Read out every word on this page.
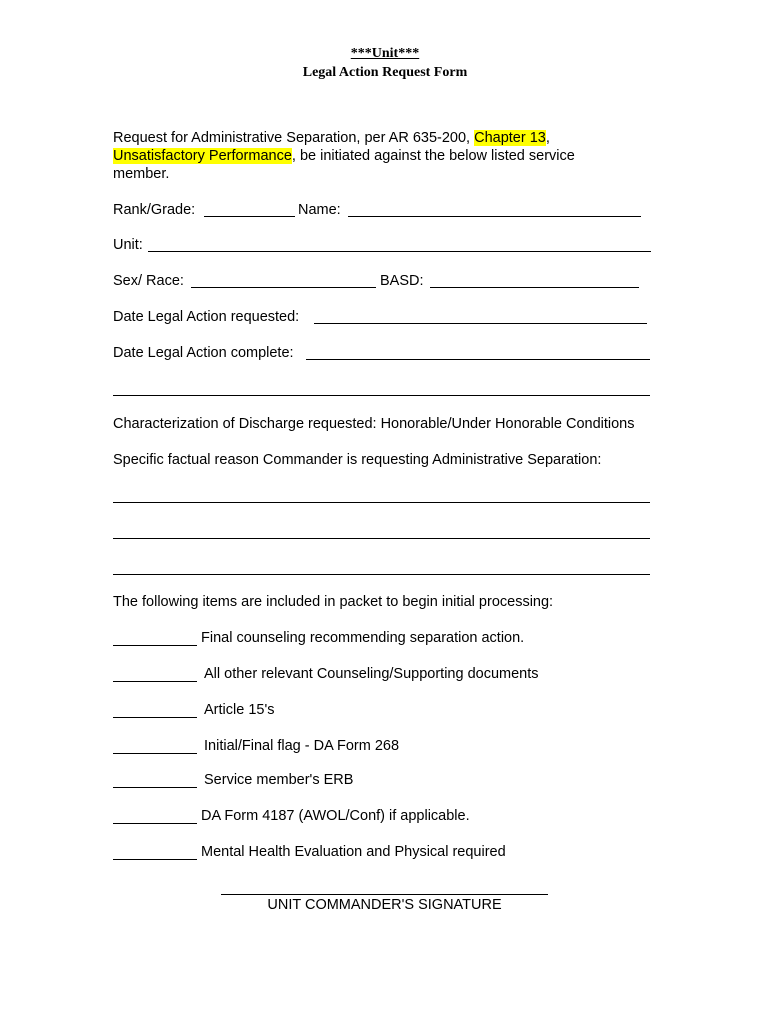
***Unit***
Legal Action Request Form
Request for Administrative Separation, per AR 635-200, Chapter 13,
Unsatisfactory Performance, be initiated against the below listed service
member.
Rank/Grade:	Name:
Unit:
Sex/ Race:	BASD:
Date Legal Action requested:
Date Legal Action complete:
Characterization of Discharge requested: Honorable/Under Honorable Conditions
Specific factual reason Commander is requesting Administrative Separation:
The following items are included in packet to begin initial processing:
Final counseling recommending separation action.
All other relevant Counseling/Supporting documents
Article 15's
Initial/Final flag - DA Form 268
Service member's ERB
DA Form 4187 (AWOL/Conf) if applicable.
Mental Health Evaluation and Physical required
UNIT COMMANDER'S SIGNATURE
